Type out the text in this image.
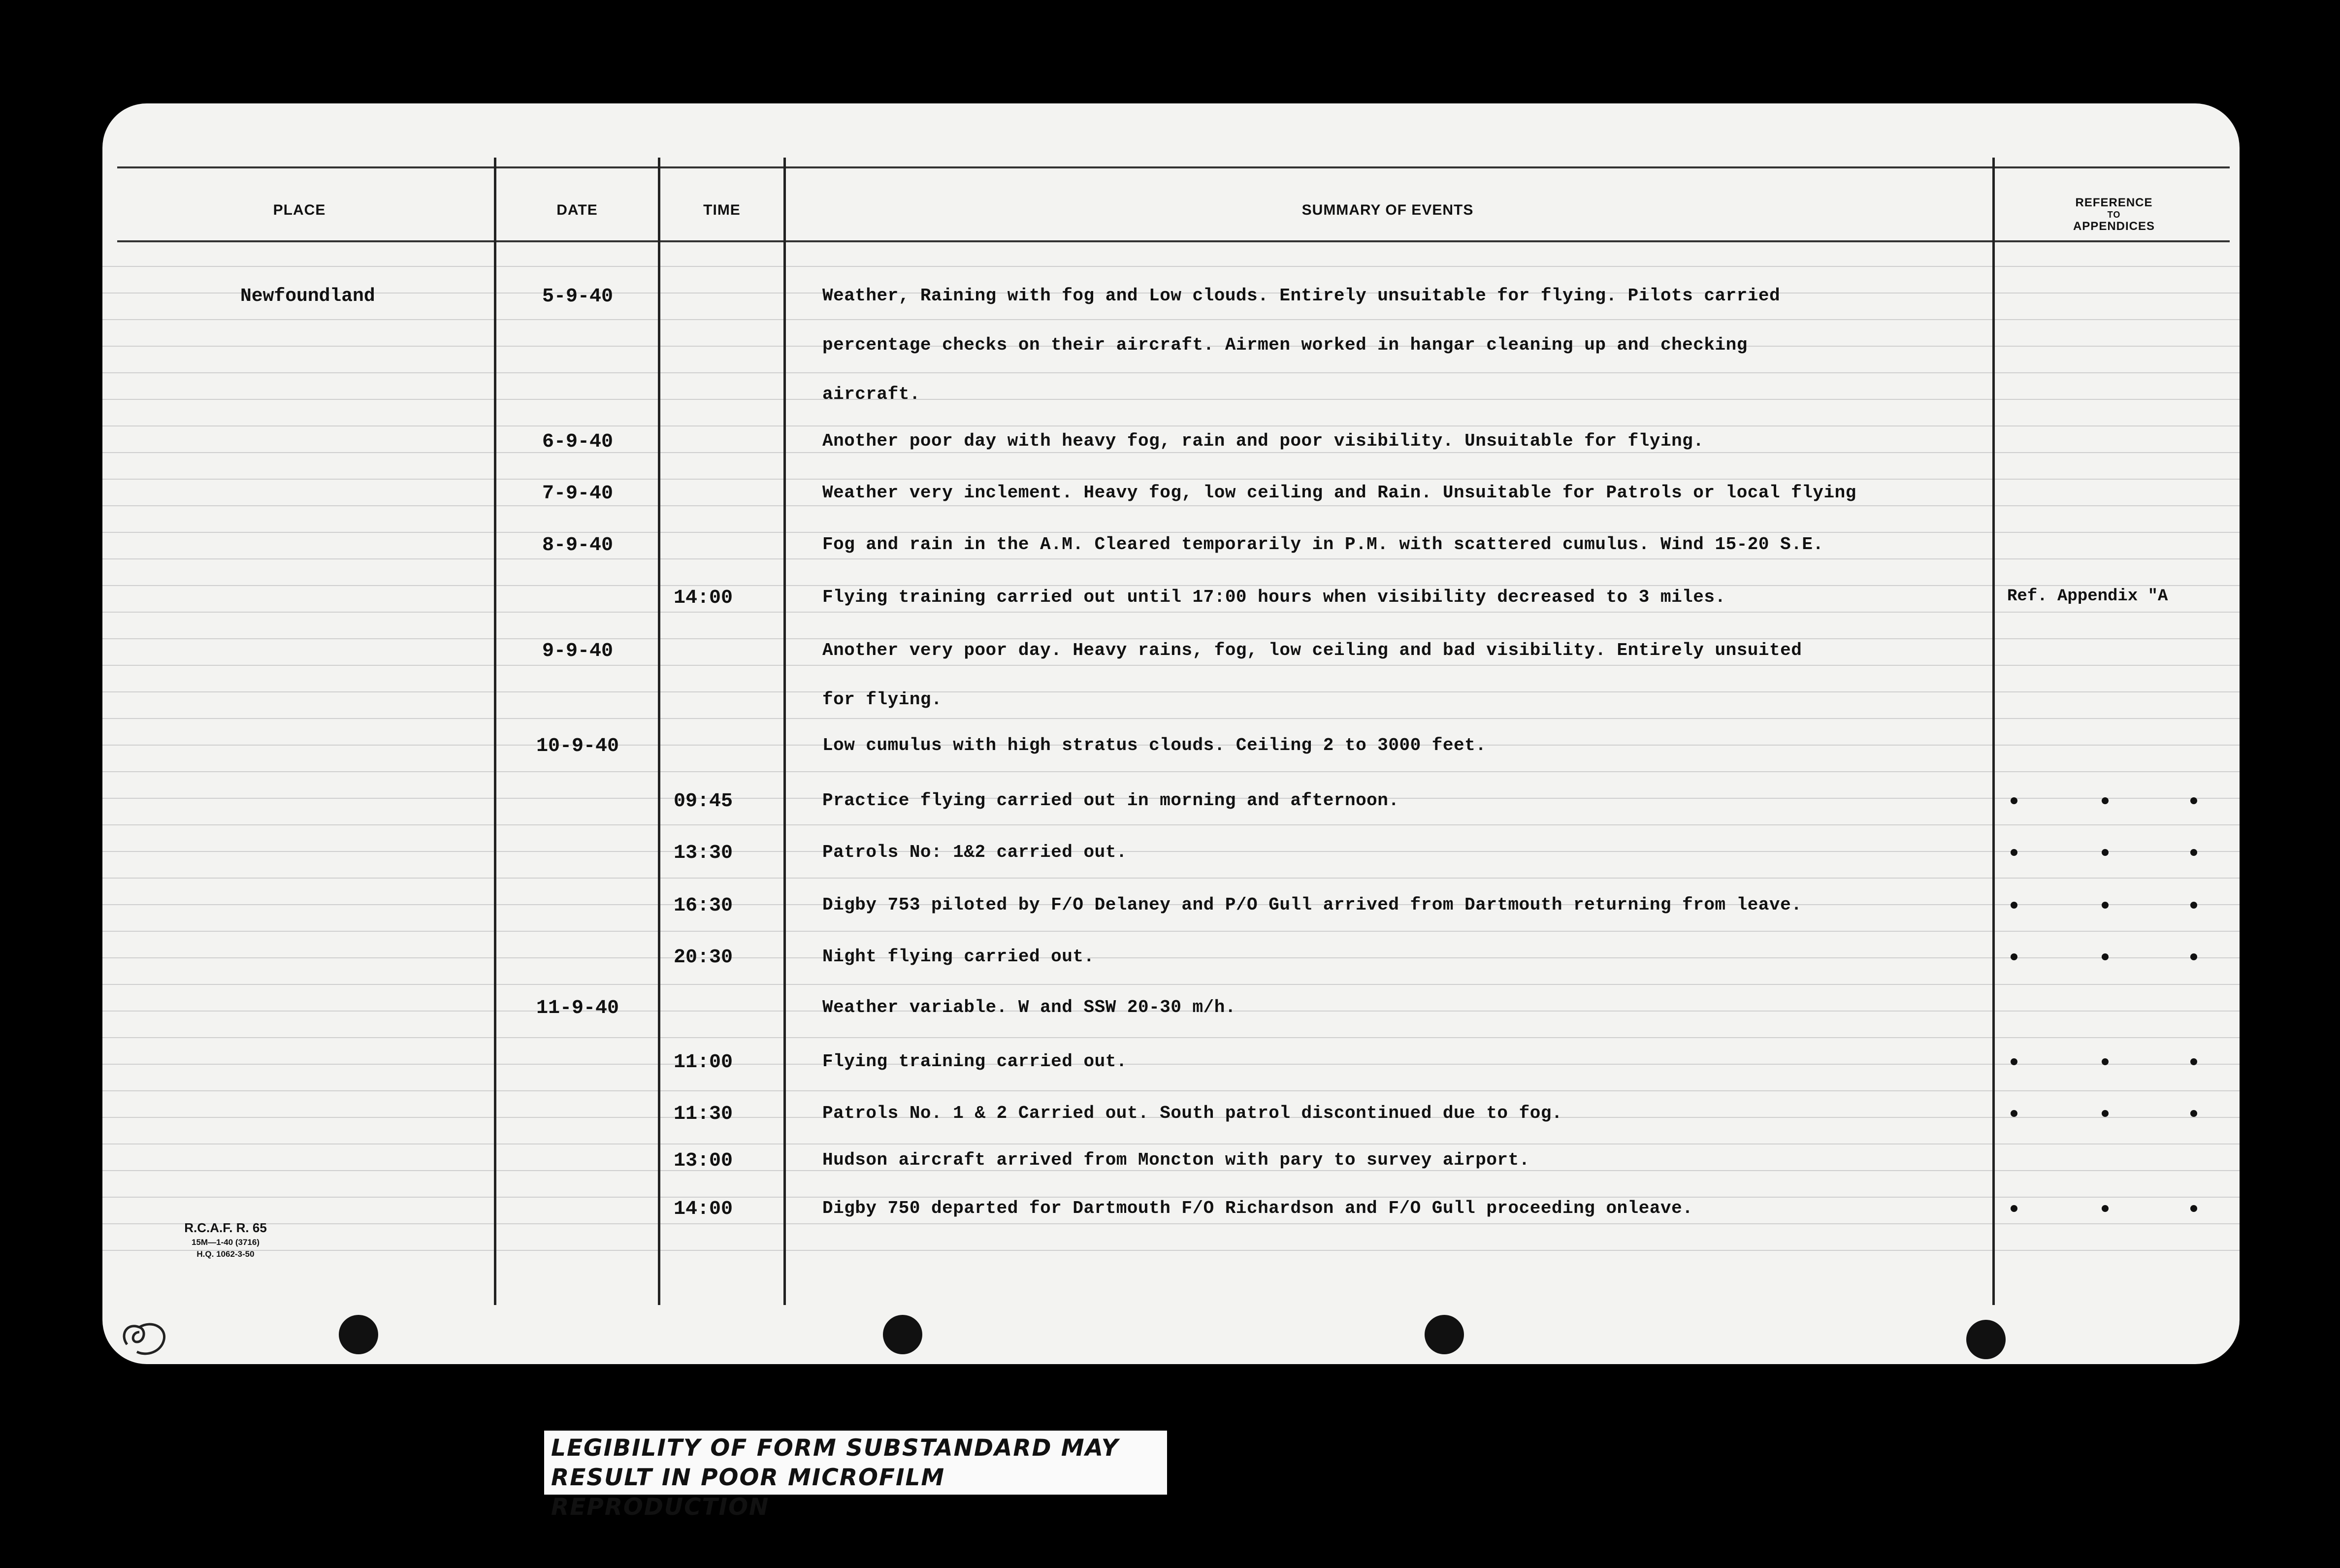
PLACE	DATE	TIME	SUMMARY OF EVENTS	REFERENCE
TO
APPENDICES
Newfoundland	5-9-40	Weather, Raining with fog and Low clouds. Entirely unsuitable for flying. Pilots carried
percentage checks on their aircraft. Airmen worked in hangar cleaning up and checking
aircraft.
6-9-40	Another poor day with heavy fog, rain and poor visibility. Unsuitable for flying.
7-9-40	Weather very inclement. Heavy fog, low ceiling and Rain. Unsuitable for Patrols or local flying
8-9-40	Fog and rain in the A.M. Cleared temporarily in P.M. with scattered cumulus. Wind 15-20 S.E.
14:00	Flying training carried out until 17:00 hours when visibility decreased to 3 miles.	Ref. Appendix "A
9-9-40	Another very poor day. Heavy rains, fog, low ceiling and bad visibility. Entirely unsuited
for flying.
10-9-40	Low cumulus with high stratus clouds. Ceiling 2 to 3000 feet.
09:45	Practice flying carried out in morning and afternoon.
13:30	Patrols No: 1&2 carried out.
16:30	Digby 753 piloted by F/O Delaney and P/O Gull arrived from Dartmouth returning from leave.
20:30	Night flying carried out.
11-9-40	Weather variable. W and SSW 20-30 m/h.
11:00	Flying training carried out.
11:30	Patrols No. 1 & 2 Carried out. South patrol discontinued due to fog.
13:00	Hudson aircraft arrived from Moncton with pary to survey airport.
14:00	Digby 750 departed for Dartmouth F/O Richardson and F/O Gull proceeding onleave.
R.C.A.F. R. 65
15M—1-40 (3716)
H.Q. 1062-3-50
LEGIBILITY OF FORM SUBSTANDARD MAY
RESULT IN POOR MICROFILM REPRODUCTION
